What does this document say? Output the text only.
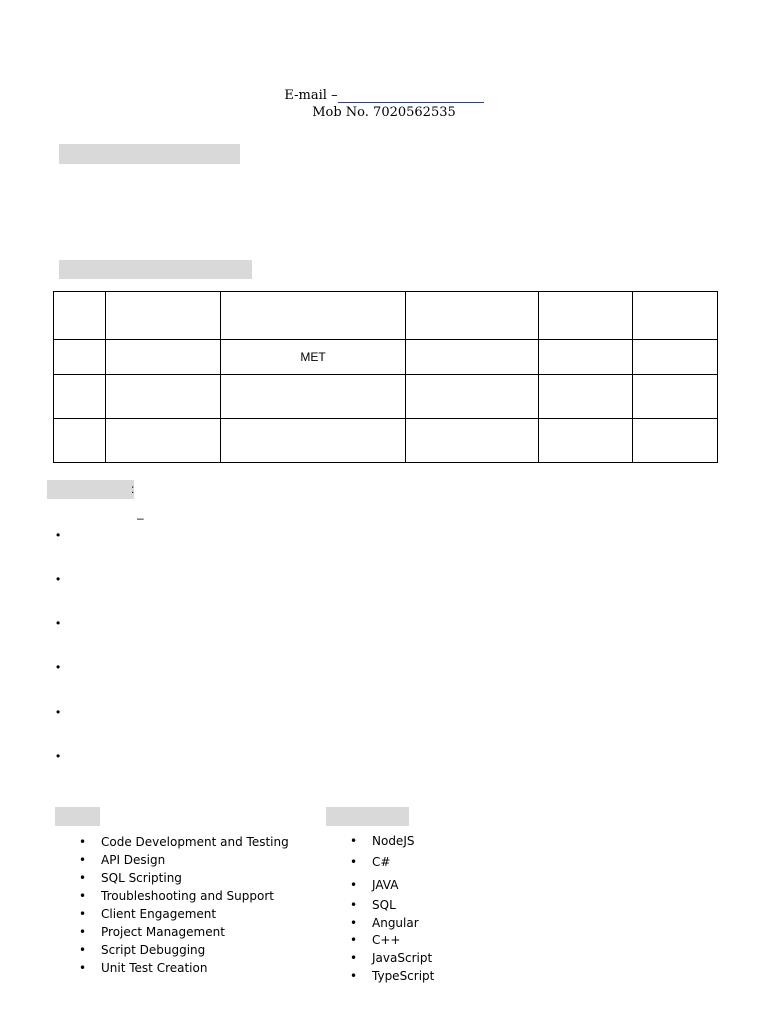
E-mail –
Mob No. 7020562535

		MET			

:
–
•
•
•
•
•
•
• Code Development and Testing
• API Design
• SQL Scripting
• Troubleshooting and Support
• Client Engagement
• Project Management
• Script Debugging
• Unit Test Creation
• NodeJS
• C#
• JAVA
• SQL
• Angular
• C++
• JavaScript
• TypeScript
